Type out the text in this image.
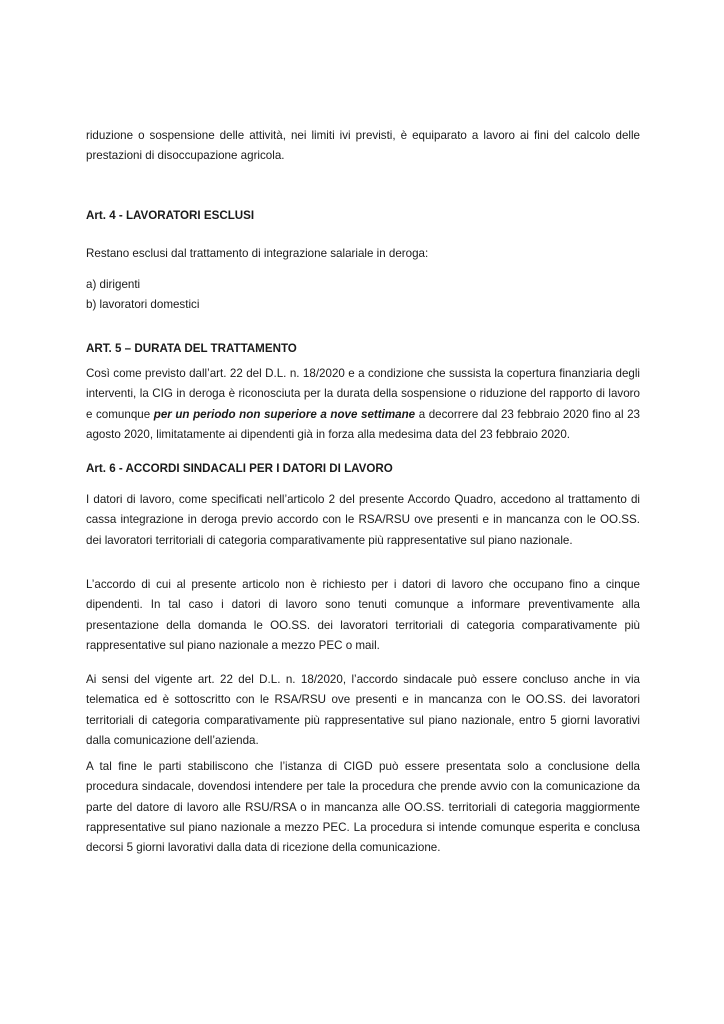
riduzione o sospensione delle attività, nei limiti ivi previsti, è equiparato a lavoro ai fini del calcolo delle prestazioni di disoccupazione agricola.

Art. 4 - LAVORATORI ESCLUSI

Restano esclusi dal trattamento di integrazione salariale in deroga:

a) dirigenti
b) lavoratori domestici

ART. 5 – DURATA DEL TRATTAMENTO

Così come previsto dall’art. 22 del D.L. n. 18/2020 e a condizione che sussista la copertura finanziaria degli interventi, la CIG in deroga è riconosciuta per la durata della sospensione o riduzione del rapporto di lavoro e comunque per un periodo non superiore a nove settimane a decorrere dal 23 febbraio 2020 fino al 23 agosto 2020, limitatamente ai dipendenti già in forza alla medesima data del 23 febbraio 2020.

Art. 6 - ACCORDI SINDACALI PER I DATORI DI LAVORO

I datori di lavoro, come specificati nell’articolo 2 del presente Accordo Quadro, accedono al trattamento di cassa integrazione in deroga previo accordo con le RSA/RSU ove presenti e in mancanza con le OO.SS. dei lavoratori territoriali di categoria comparativamente più rappresentative sul piano nazionale.

L’accordo di cui al presente articolo non è richiesto per i datori di lavoro che occupano fino a cinque dipendenti. In tal caso i datori di lavoro sono tenuti comunque a informare preventivamente alla presentazione della domanda le OO.SS. dei lavoratori territoriali di categoria comparativamente più rappresentative sul piano nazionale a mezzo PEC o mail.

Ai sensi del vigente art. 22 del D.L. n. 18/2020, l’accordo sindacale può essere concluso anche in via telematica ed è sottoscritto con le RSA/RSU ove presenti e in mancanza con le OO.SS. dei lavoratori territoriali di categoria comparativamente più rappresentative sul piano nazionale, entro 5 giorni lavorativi dalla comunicazione dell’azienda.

A tal fine le parti stabiliscono che l’istanza di CIGD può essere presentata solo a conclusione della procedura sindacale, dovendosi intendere per tale la procedura che prende avvio con la comunicazione da parte del datore di lavoro alle RSU/RSA o in mancanza alle OO.SS. territoriali di categoria maggiormente rappresentative sul piano nazionale a mezzo PEC. La procedura si intende comunque esperita e conclusa decorsi 5 giorni lavorativi dalla data di ricezione della comunicazione.
